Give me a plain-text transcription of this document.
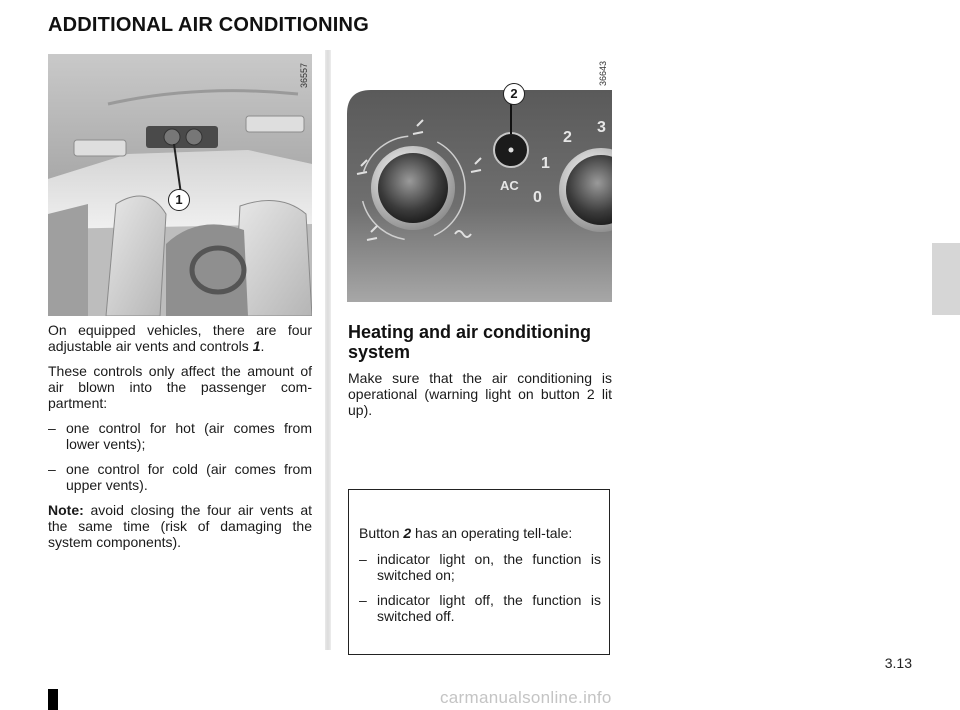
ADDITIONAL AIR CONDITIONING
36557
1
AC
0
1
2
3
36643
2

On equipped vehicles, there are four adjustable air vents and controls 1.

These controls only affect the amount of air blown into the passenger com-partment:

– one control for hot (air comes from lower vents);
– one control for cold (air comes from upper vents).

Note: avoid closing the four air vents at the same time (risk of damaging the system components).

Heating and air conditioning system

Make sure that the air conditioning is operational (warning light on button 2 lit up).

Button 2 has an operating tell-tale:

– indicator light on, the function is switched on;
– indicator light off, the function is switched off.
3.13
carmanualsonline.info
